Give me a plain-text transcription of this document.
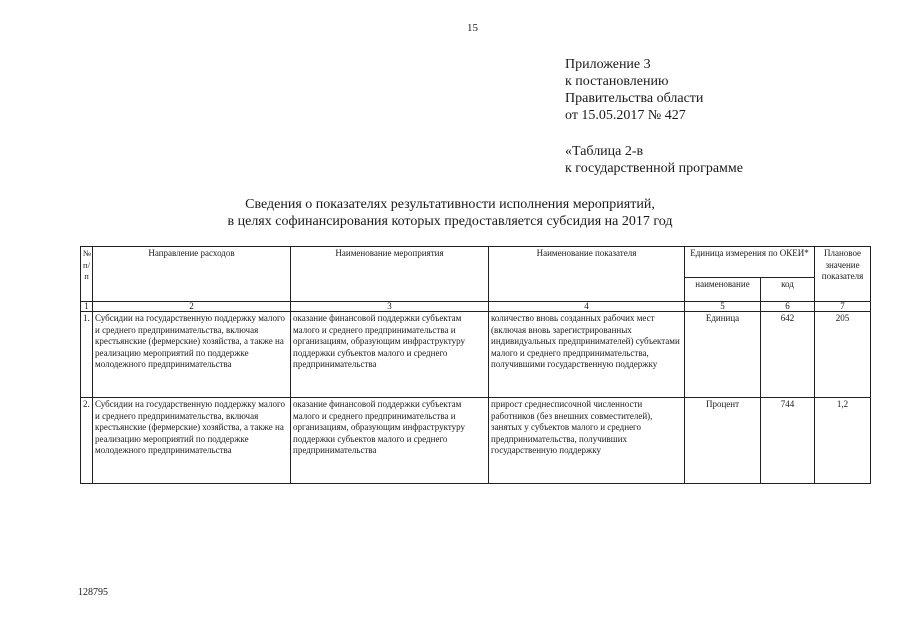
15
Приложение 3
к постановлению
Правительства области
от 15.05.2017 № 427
«Таблица 2-в
к государственной программе
Сведения о показателях результативности исполнения мероприятий,
в целях софинансирования которых предоставляется субсидия на 2017 год
№ п/п	Направление расходов	Наименование мероприятия	Наименование показателя	Единица измерения по ОКЕИ*		Плановое значение показателя
				наименование	код	
1	2	3	4	5	6	7
1.	Субсидии на государственную поддержку малого и среднего предпринимательства, включая крестьянские (фермерские) хозяйства, а также на реализацию мероприятий по поддержке молодежного предпринимательства	оказание финансовой поддержки субъектам малого и среднего предпринимательства и организациям, образующим инфраструктуру поддержки субъектов малого и среднего предпринимательства	количество вновь созданных рабочих мест (включая вновь зарегистрированных индивидуальных предпринимателей) субъектами малого и среднего предпринимательства, получившими государственную поддержку	Единица	642	205
2.	Субсидии на государственную поддержку малого и среднего предпринимательства, включая крестьянские (фермерские) хозяйства, а также на реализацию мероприятий по поддержке молодежного предпринимательства	оказание финансовой поддержки субъектам малого и среднего предпринимательства и организациям, образующим инфраструктуру поддержки субъектов малого и среднего предпринимательства	прирост среднесписочной численности работников (без внешних совместителей), занятых у субъектов малого и среднего предпринимательства, получивших государственную поддержку	Процент	744	1,2
128795
